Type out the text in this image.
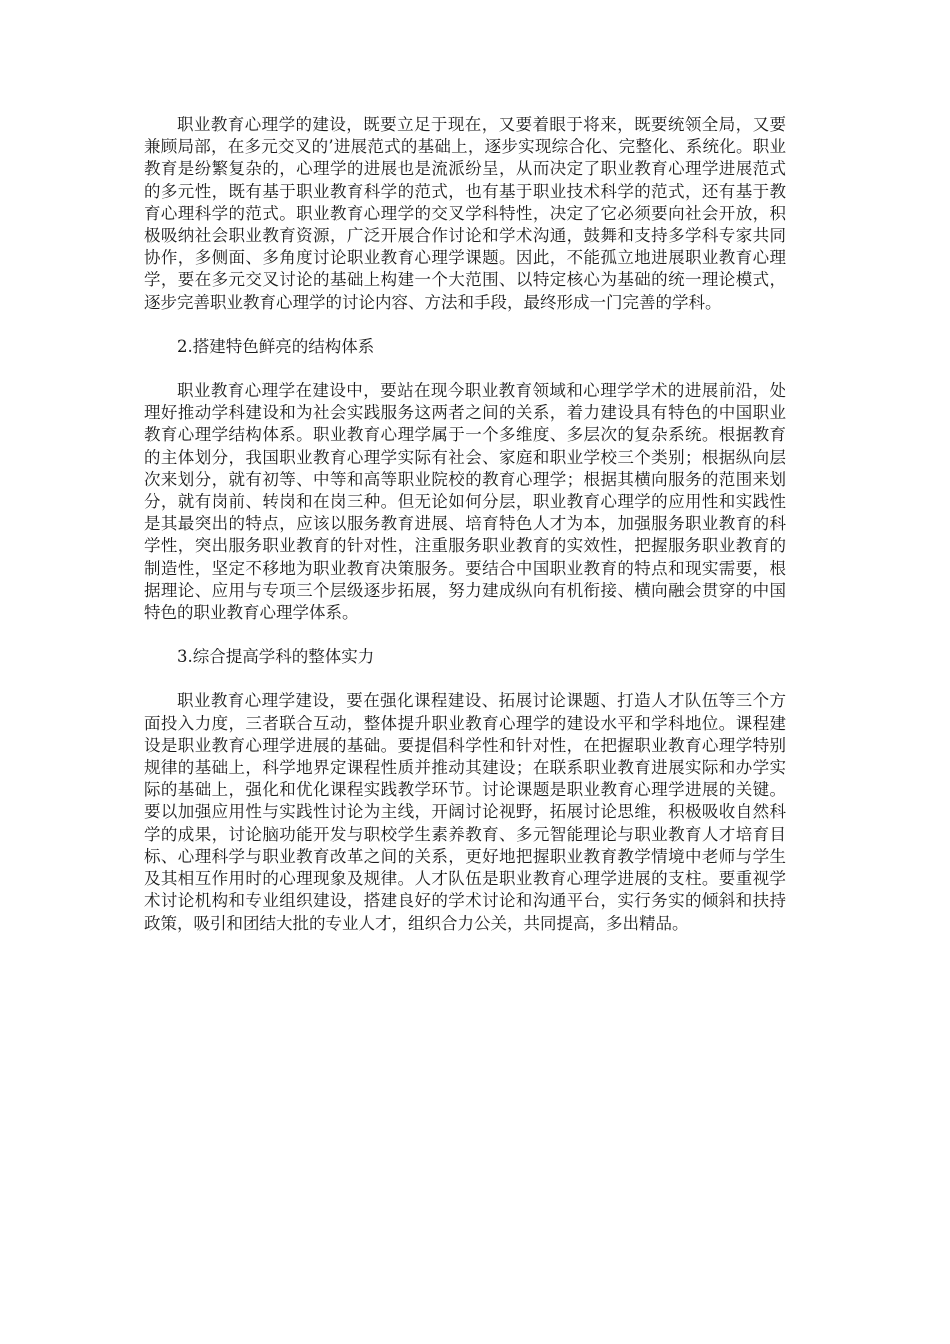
职业教育心理学的建设，既要立足于现在，又要着眼于将来，既要统领全局，又要兼顾局部，在多元交叉的’进展范式的基础上，逐步实现综合化、完整化、系统化。职业教育是纷繁复杂的，心理学的进展也是流派纷呈，从而决定了职业教育心理学进展范式的多元性，既有基于职业教育科学的范式，也有基于职业技术科学的范式，还有基于教育心理科学的范式。职业教育心理学的交叉学科特性，决定了它必须要向社会开放，积极吸纳社会职业教育资源，广泛开展合作讨论和学术沟通，鼓舞和支持多学科专家共同协作，多侧面、多角度讨论职业教育心理学课题。因此，不能孤立地进展职业教育心理学，要在多元交叉讨论的基础上构建一个大范围、以特定核心为基础的统一理论模式，逐步完善职业教育心理学的讨论内容、方法和手段，最终形成一门完善的学科。

2.搭建特色鲜亮的结构体系

职业教育心理学在建设中，要站在现今职业教育领域和心理学学术的进展前沿，处理好推动学科建设和为社会实践服务这两者之间的关系，着力建设具有特色的中国职业教育心理学结构体系。职业教育心理学属于一个多维度、多层次的复杂系统。根据教育的主体划分，我国职业教育心理学实际有社会、家庭和职业学校三个类别；根据纵向层次来划分，就有初等、中等和高等职业院校的教育心理学；根据其横向服务的范围来划分，就有岗前、转岗和在岗三种。但无论如何分层，职业教育心理学的应用性和实践性是其最突出的特点，应该以服务教育进展、培育特色人才为本，加强服务职业教育的科学性，突出服务职业教育的针对性，注重服务职业教育的实效性，把握服务职业教育的制造性，坚定不移地为职业教育决策服务。要结合中国职业教育的特点和现实需要，根据理论、应用与专项三个层级逐步拓展，努力建成纵向有机衔接、横向融会贯穿的中国特色的职业教育心理学体系。

3.综合提高学科的整体实力

职业教育心理学建设，要在强化课程建设、拓展讨论课题、打造人才队伍等三个方面投入力度，三者联合互动，整体提升职业教育心理学的建设水平和学科地位。课程建设是职业教育心理学进展的基础。要提倡科学性和针对性，在把握职业教育心理学特别规律的基础上，科学地界定课程性质并推动其建设；在联系职业教育进展实际和办学实际的基础上，强化和优化课程实践教学环节。讨论课题是职业教育心理学进展的关键。要以加强应用性与实践性讨论为主线，开阔讨论视野，拓展讨论思维，积极吸收自然科学的成果，讨论脑功能开发与职校学生素养教育、多元智能理论与职业教育人才培育目标、心理科学与职业教育改革之间的关系，更好地把握职业教育教学情境中老师与学生及其相互作用时的心理现象及规律。人才队伍是职业教育心理学进展的支柱。要重视学术讨论机构和专业组织建设，搭建良好的学术讨论和沟通平台，实行务实的倾斜和扶持政策，吸引和团结大批的专业人才，组织合力公关，共同提高，多出精品。
